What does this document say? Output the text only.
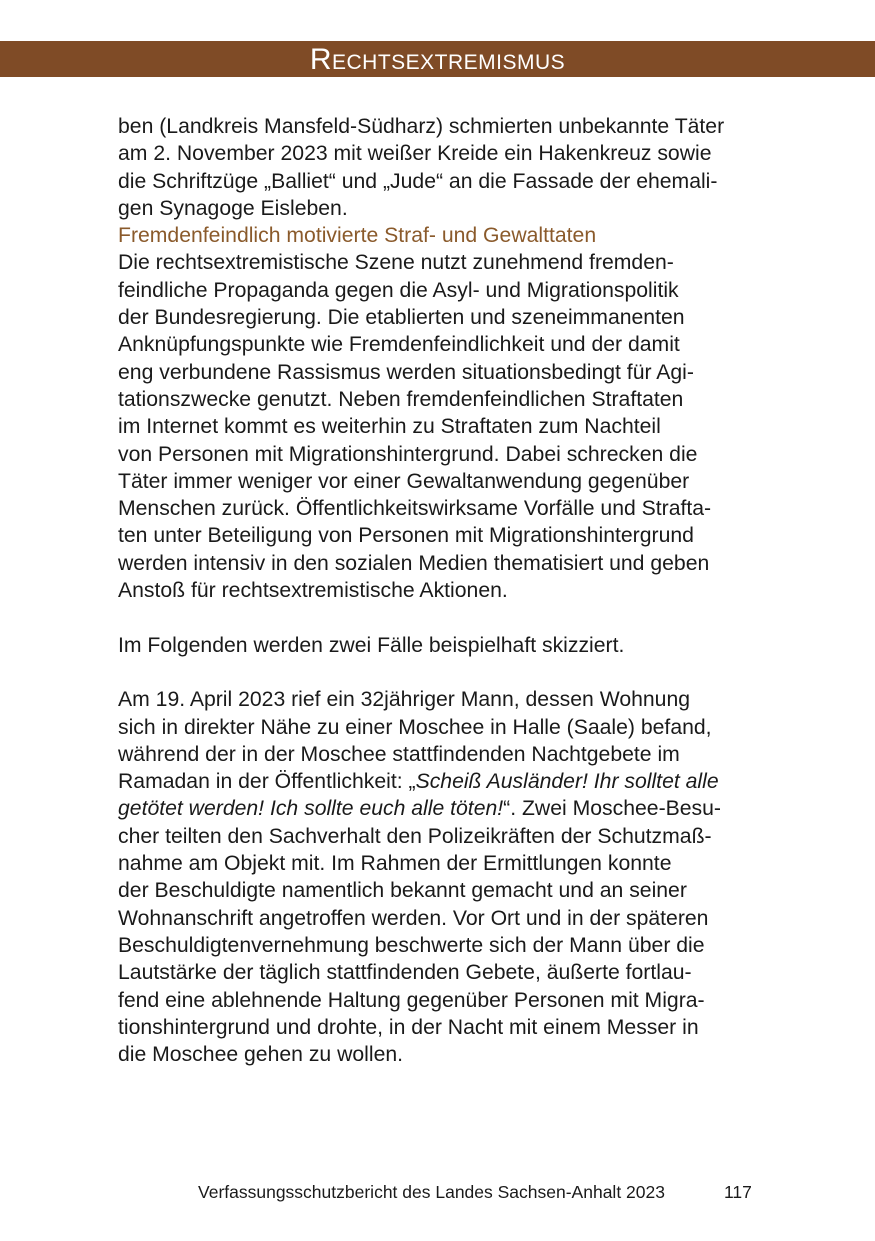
Rechtsextremismus

ben (Landkreis Mansfeld-Südharz) schmierten unbekannte Täter
am 2. November 2023 mit weißer Kreide ein Hakenkreuz sowie
die Schriftzüge „Balliet“ und „Jude“ an die Fassade der ehemali-
gen Synagoge Eisleben.

Fremdenfeindlich motivierte Straf- und Gewalttaten

Die rechtsextremistische Szene nutzt zunehmend fremden-
feindliche Propaganda gegen die Asyl- und Migrationspolitik
der Bundesregierung. Die etablierten und szeneimmanenten
Anknüpfungspunkte wie Fremdenfeindlichkeit und der damit
eng verbundene Rassismus werden situationsbedingt für Agi-
tationszwecke genutzt. Neben fremdenfeindlichen Straftaten
im Internet kommt es weiterhin zu Straftaten zum Nachteil
von Personen mit Migrationshintergrund. Dabei schrecken die
Täter immer weniger vor einer Gewaltanwendung gegenüber
Menschen zurück. Öffentlichkeitswirksame Vorfälle und Strafta-
ten unter Beteiligung von Personen mit Migrationshintergrund
werden intensiv in den sozialen Medien thematisiert und geben
Anstoß für rechtsextremistische Aktionen.

Im Folgenden werden zwei Fälle beispielhaft skizziert.

Am 19. April 2023 rief ein 32jähriger Mann, dessen Wohnung
sich in direkter Nähe zu einer Moschee in Halle (Saale) befand,
während der in der Moschee stattfindenden Nachtgebete im
Ramadan in der Öffentlichkeit: „Scheiß Ausländer! Ihr solltet alle
getötet werden! Ich sollte euch alle töten!“. Zwei Moschee-Besu-
cher teilten den Sachverhalt den Polizeikräften der Schutzmaß-
nahme am Objekt mit. Im Rahmen der Ermittlungen konnte
der Beschuldigte namentlich bekannt gemacht und an seiner
Wohnanschrift angetroffen werden. Vor Ort und in der späteren
Beschuldigtenvernehmung beschwerte sich der Mann über die
Lautstärke der täglich stattfindenden Gebete, äußerte fortlau-
fend eine ablehnende Haltung gegenüber Personen mit Migra-
tionshintergrund und drohte, in der Nacht mit einem Messer in
die Moschee gehen zu wollen.

Verfassungsschutzbericht des Landes Sachsen-Anhalt 2023	117
